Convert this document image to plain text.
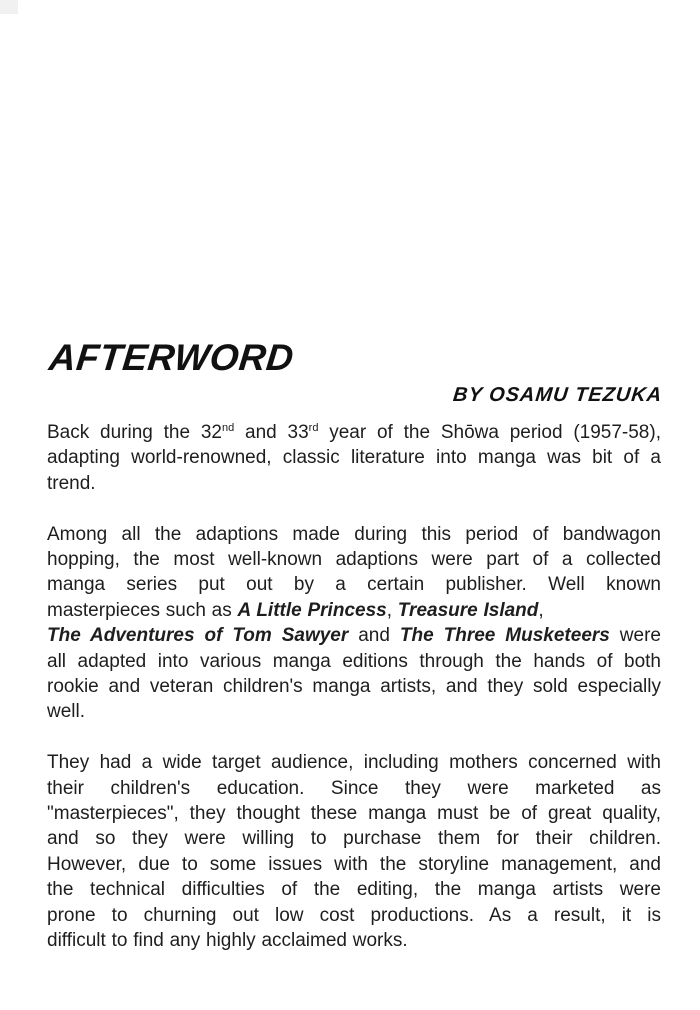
AFTERWORD
BY OSAMU TEZUKA
Back during the 32nd and 33rd year of the Shōwa period (1957-58),
adapting world-renowned, classic literature into manga was bit of a
trend.
Among all the adaptions made during this period of bandwagon
hopping, the most well-known adaptions were part of a collected
manga series put out by a certain publisher. Well known
masterpieces such as A Little Princess, Treasure Island,
The Adventures of Tom Sawyer and The Three Musketeers were
all adapted into various manga editions through the hands of both
rookie and veteran children's manga artists, and they sold especially
well.
They had a wide target audience, including mothers concerned with
their children's education. Since they were marketed as
"masterpieces", they thought these manga must be of great quality,
and so they were willing to purchase them for their children.
However, due to some issues with the storyline management, and
the technical difficulties of the editing, the manga artists were
prone to churning out low cost productions. As a result, it is
difficult to find any highly acclaimed works.
